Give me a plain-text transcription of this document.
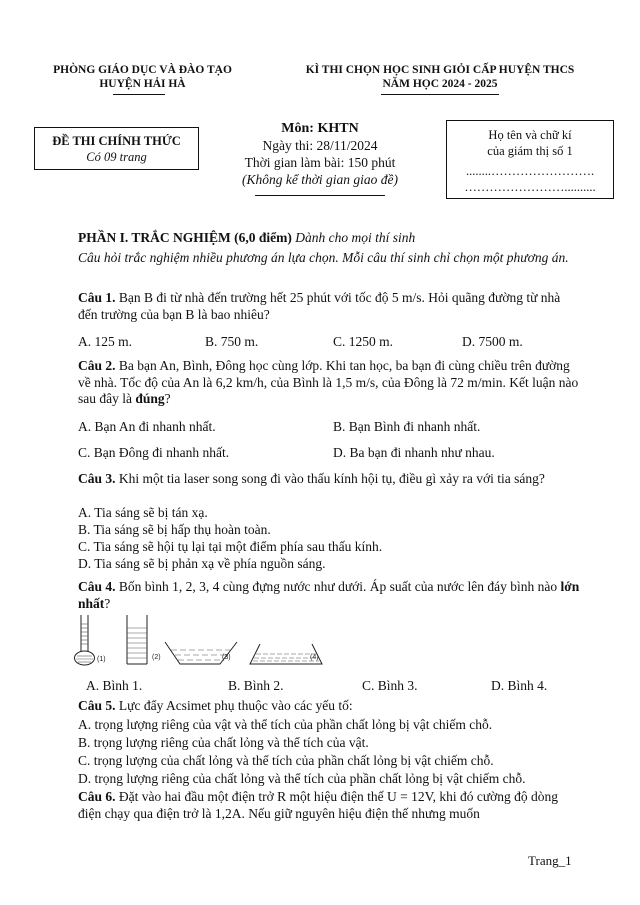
PHÒNG GIÁO DỤC VÀ ĐÀO TẠO
HUYỆN HẢI HÀ
KÌ THI CHỌN HỌC SINH GIỎI CẤP HUYỆN THCS
NĂM HỌC 2024 - 2025
ĐỀ THI CHÍNH THỨC
Có 09 trang
Môn: KHTN
Ngày thi: 28/11/2024
Thời gian làm bài: 150 phút
(Không kể thời gian giao đề)
Họ tên và chữ kí
của giám thị số 1
........…………………….
……………………..........
PHẦN I. TRẮC NGHIỆM (6,0 điểm) Dành cho mọi thí sinh
Câu hỏi trắc nghiệm nhiều phương án lựa chọn. Mỗi câu thí sinh chỉ chọn một phương án.
Câu 1. Bạn B đi từ nhà đến trường hết 25 phút với tốc độ 5 m/s. Hỏi quãng đường từ nhà đến trường của bạn B là bao nhiêu?
A. 125 m.	B. 750 m.	C. 1250 m.	D. 7500 m.
Câu 2. Ba bạn An, Bình, Đông học cùng lớp. Khi tan học, ba bạn đi cùng chiều trên đường về nhà. Tốc độ của An là 6,2 km/h, của Bình là 1,5 m/s, của Đông là 72 m/min. Kết luận nào sau đây là đúng?
A. Bạn An đi nhanh nhất.	B. Bạn Bình đi nhanh nhất.
C. Bạn Đông đi nhanh nhất.	D. Ba bạn đi nhanh như nhau.
Câu 3. Khi một tia laser song song đi vào thấu kính hội tụ, điều gì xảy ra với tia sáng?
A. Tia sáng sẽ bị tán xạ.
B. Tia sáng sẽ bị hấp thụ hoàn toàn.
C. Tia sáng sẽ hội tụ lại tại một điểm phía sau thấu kính.
D. Tia sáng sẽ bị phản xạ về phía nguồn sáng.
Câu 4. Bốn bình 1, 2, 3, 4 cùng đựng nước như dưới. Áp suất của nước lên đáy bình nào lớn nhất?
(1)	(2)	(3)	(4)
A. Bình 1.	B. Bình 2.	C. Bình 3.	D. Bình 4.
Câu 5. Lực đẩy Acsimet phụ thuộc vào các yếu tố:
A. trọng lượng riêng của vật và thể tích của phần chất lỏng bị vật chiếm chỗ.
B. trọng lượng riêng của chất lỏng và thể tích của vật.
C. trọng lượng của chất lỏng và thể tích của phần chất lỏng bị vật chiếm chỗ.
D. trọng lượng riêng của chất lỏng và thể tích của phần chất lỏng bị vật chiếm chỗ.
Câu 6. Đặt vào hai đầu một điện trở R một hiệu điện thế U = 12V, khi đó cường độ dòng điện chạy qua điện trở là 1,2A. Nếu giữ nguyên hiệu điện thế nhưng muốn
Trang_1
